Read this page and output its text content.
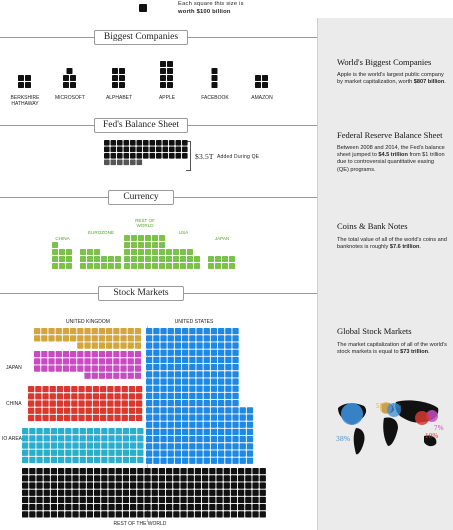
Each square this size is
worth $100 billion
Biggest Companies
Fed's Balance Sheet
Currency
Stock Markets
$3.5T Added During QE
BERKSHIRE
HATHAWAY
MICROSOFT	ALPHABET	APPLE	FACEBOOK	AMAZON
CHINA
EUROZONE
REST OF
WORLD
USA
JAPAN
UNITED KINGDOM	UNITED STATES
JAPAN
CHINA
IO AREA
REST OF THE WORLD
World's Biggest Companies
Apple is the world's largest public company by market capitalization, worth $807 billion.
Federal Reserve Balance Sheet
Between 2008 and 2014, the Fed's balance sheet jumped to $4.5 trillion from $1 trillion due to controversial quantitative easing (QE) programs.
Coins & Bank Notes
The total value of all of the world's coins and banknotes is roughly $7.6 trillion.
Global Stock Markets
The market capitalization of all of the world's stock markets is equal to $73 trillion.
38%
5% 11%
7%
10%
